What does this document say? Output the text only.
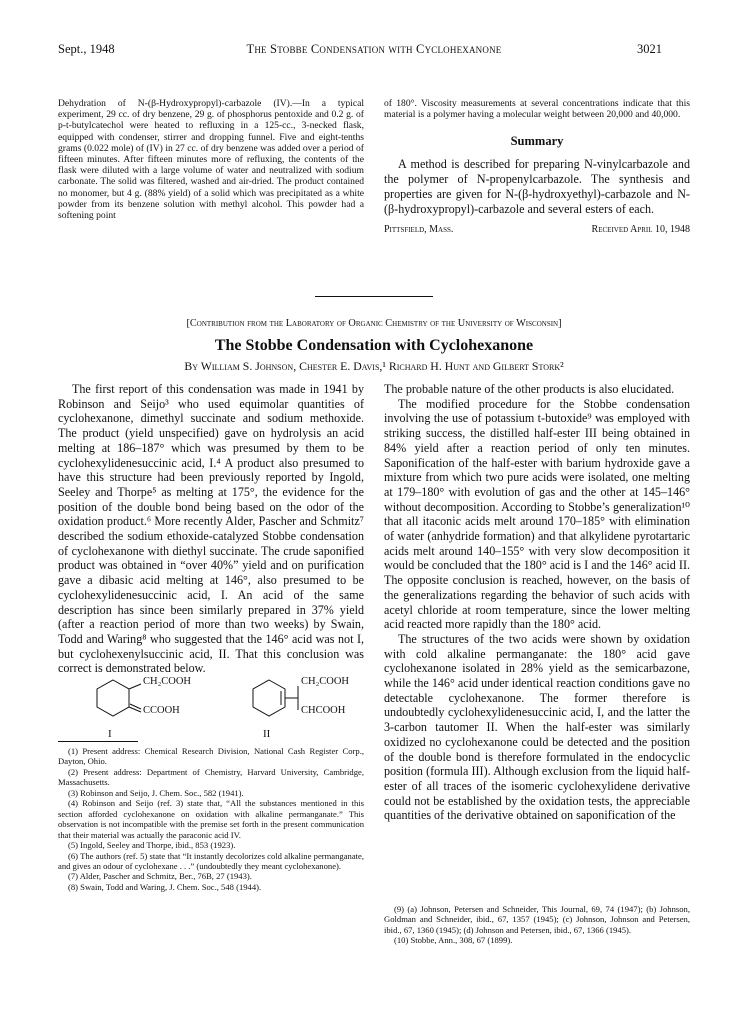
Sept., 1948	The Stobbe Condensation with Cyclohexanone	3021

Dehydration of N-(β-Hydroxypropyl)-carbazole (IV).—In a typical experiment, 29 cc. of dry benzene, 29 g. of phosphorus pentoxide and 0.2 g. of p-t-butylcatechol were heated to refluxing in a 125-cc., 3-necked flask, equipped with condenser, stirrer and dropping funnel. Five and eight-tenths grams (0.022 mole) of (IV) in 27 cc. of dry benzene was added over a period of fifteen minutes. After fifteen minutes more of refluxing, the contents of the flask were diluted with a large volume of water and neutralized with sodium carbonate. The solid was filtered, washed and air-dried. The product contained no monomer, but 4 g. (88% yield) of a solid which was precipitated as a white powder from its benzene solution with methyl alcohol. This powder had a softening point

of 180°. Viscosity measurements at several concentrations indicate that this material is a polymer having a molecular weight between 20,000 and 40,000.

Summary

A method is described for preparing N-vinylcarbazole and the polymer of N-propenylcarbazole. The synthesis and properties are given for N-(β-hydroxyethyl)-carbazole and N-(β-hydroxypropyl)-carbazole and several esters of each.

Pittsfield, Mass.	Received April 10, 1948
[Contribution from the Laboratory of Organic Chemistry of the University of Wisconsin]
The Stobbe Condensation with Cyclohexanone
By William S. Johnson, Chester E. Davis,¹ Richard H. Hunt and Gilbert Stork²

The first report of this condensation was made in 1941 by Robinson and Seijo³ who used equimolar quantities of cyclohexanone, dimethyl succinate and sodium methoxide. The product (yield unspecified) gave on hydrolysis an acid melting at 186–187° which was presumed by them to be cyclohexylidenesuccinic acid, I.⁴ A product also presumed to have this structure had been previously reported by Ingold, Seeley and Thorpe⁵ as melting at 175°, the evidence for the position of the double bond being based on the odor of the oxidation product.⁶ More recently Alder, Pascher and Schmitz⁷ described the sodium ethoxide-catalyzed Stobbe condensation of cyclohexanone with diethyl succinate. The crude saponified product was obtained in “over 40%” yield and on purification gave a dibasic acid melting at 146°, also presumed to be cyclohexylidenesuccinic acid, I. An acid of the same description has since been similarly prepared in 37% yield (after a reaction period of more than two weeks) by Swain, Todd and Waring⁸ who suggested that the 146° acid was not I, but cyclohexenylsuccinic acid, II. That this conclusion was correct is demonstrated below.

CH₂COOH
CCOOH
I
CH₂COOH
CHCOOH
II

(1) Present address: Chemical Research Division, National Cash Register Corp., Dayton, Ohio.

(2) Present address: Department of Chemistry, Harvard University, Cambridge, Massachusetts.

(3) Robinson and Seijo, J. Chem. Soc., 582 (1941).

(4) Robinson and Seijo (ref. 3) state that, “All the substances mentioned in this section afforded cyclohexanone on oxidation with alkaline permanganate.” This observation is not incompatible with the premise set forth in the present communication that their material was actually the paraconic acid IV.

(5) Ingold, Seeley and Thorpe, ibid., 853 (1923).

(6) The authors (ref. 5) state that “It instantly decolorizes cold alkaline permanganate, and gives an odour of cyclohexane . . .” (undoubtedly they meant cyclohexanone).

(7) Alder, Pascher and Schmitz, Ber., 76B, 27 (1943).

(8) Swain, Todd and Waring, J. Chem. Soc., 548 (1944).

The probable nature of the other products is also elucidated.

The modified procedure for the Stobbe condensation involving the use of potassium t-butoxide⁹ was employed with striking success, the distilled half-ester III being obtained in 84% yield after a reaction period of only ten minutes. Saponification of the half-ester with barium hydroxide gave a mixture from which two pure acids were isolated, one melting at 179–180° with evolution of gas and the other at 145–146° without decomposition. According to Stobbe’s generalization¹⁰ that all itaconic acids melt around 170–185° with elimination of water (anhydride formation) and that alkylidene pyrotartaric acids melt around 140–155° with very slow decomposition it would be concluded that the 180° acid is I and the 146° acid II. The opposite conclusion is reached, however, on the basis of the generalizations regarding the behavior of such acids with acetyl chloride at room temperature, since the lower melting acid reacted more rapidly than the 180° acid.

The structures of the two acids were shown by oxidation with cold alkaline permanganate: the 180° acid gave cyclohexanone isolated in 28% yield as the semicarbazone, while the 146° acid under identical reaction conditions gave no detectable cyclohexanone. The former therefore is undoubtedly cyclohexylidenesuccinic acid, I, and the latter the 3-carbon tautomer II. When the half-ester was similarly oxidized no cyclohexanone could be detected and the position of the double bond is therefore formulated in the endocyclic position (formula III). Although exclusion from the liquid half-ester of all traces of the isomeric cyclohexylidene derivative could not be established by the oxidation tests, the appreciable quantities of the derivative obtained on saponification of the

(9) (a) Johnson, Petersen and Schneider, This Journal, 69, 74 (1947); (b) Johnson, Goldman and Schneider, ibid., 67, 1357 (1945); (c) Johnson, Johnson and Petersen, ibid., 67, 1360 (1945); (d) Johnson and Petersen, ibid., 67, 1366 (1945).

(10) Stobbe, Ann., 308, 67 (1899).
